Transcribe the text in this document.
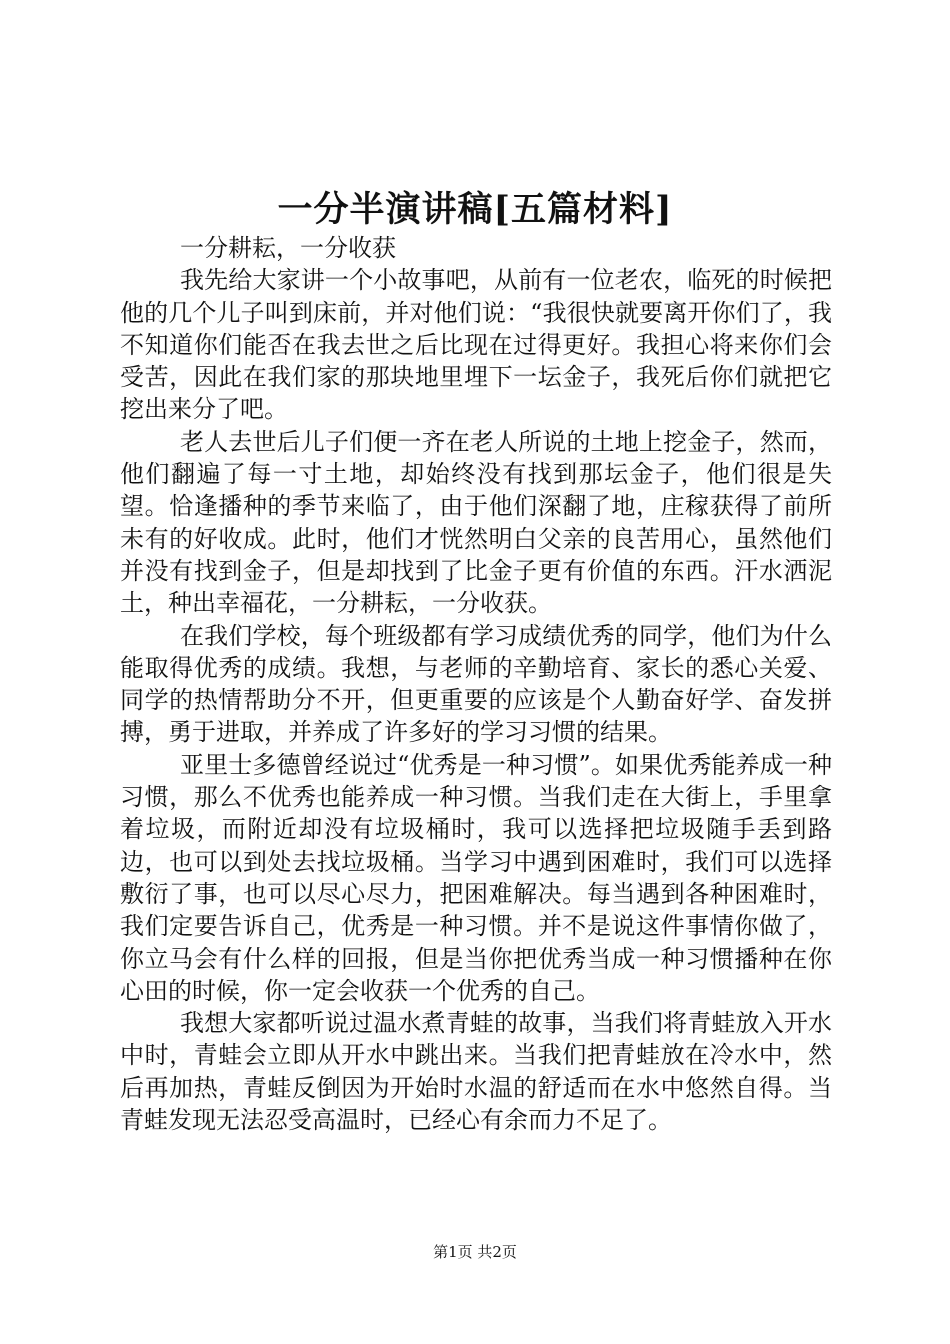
一分半演讲稿[五篇材料]

一分耕耘，一分收获

我先给大家讲一个小故事吧，从前有一位老农，临死的时候把他的几个儿子叫到床前，并对他们说：“我很快就要离开你们了，我不知道你们能否在我去世之后比现在过得更好。我担心将来你们会受苦，因此在我们家的那块地里埋下一坛金子，我死后你们就把它挖出来分了吧。

老人去世后儿子们便一齐在老人所说的土地上挖金子，然而，他们翻遍了每一寸土地，却始终没有找到那坛金子，他们很是失望。恰逢播种的季节来临了，由于他们深翻了地，庄稼获得了前所未有的好收成。此时，他们才恍然明白父亲的良苦用心，虽然他们并没有找到金子，但是却找到了比金子更有价值的东西。汗水洒泥土，种出幸福花，一分耕耘，一分收获。

在我们学校，每个班级都有学习成绩优秀的同学，他们为什么能取得优秀的成绩。我想，与老师的辛勤培育、家长的悉心关爱、同学的热情帮助分不开，但更重要的应该是个人勤奋好学、奋发拼搏，勇于进取，并养成了许多好的学习习惯的结果。

亚里士多德曾经说过“优秀是一种习惯”。如果优秀能养成一种习惯，那么不优秀也能养成一种习惯。当我们走在大街上，手里拿着垃圾，而附近却没有垃圾桶时，我可以选择把垃圾随手丢到路边，也可以到处去找垃圾桶。当学习中遇到困难时，我们可以选择敷衍了事，也可以尽心尽力，把困难解决。每当遇到各种困难时，我们定要告诉自己，优秀是一种习惯。并不是说这件事情你做了，你立马会有什么样的回报，但是当你把优秀当成一种习惯播种在你心田的时候，你一定会收获一个优秀的自己。

我想大家都听说过温水煮青蛙的故事，当我们将青蛙放入开水中时，青蛙会立即从开水中跳出来。当我们把青蛙放在冷水中，然后再加热，青蛙反倒因为开始时水温的舒适而在水中悠然自得。当青蛙发现无法忍受高温时，已经心有余而力不足了。

第1页 共2页
